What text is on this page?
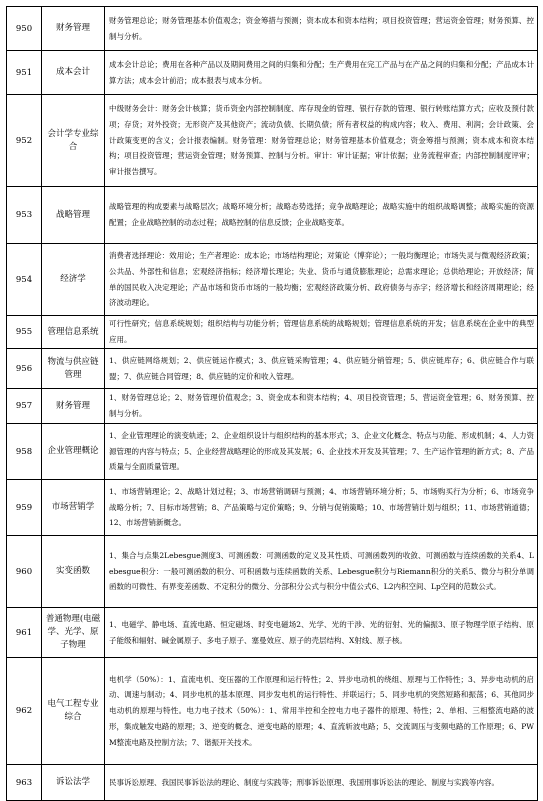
950	财务管理	财务管理总论；财务管理基本价值观念；资金筹措与预测；资本成本和资本结构；项目投资管理；营运资金管理；财务预算、控制与分析。
951	成本会计	成本会计总论；费用在各种产品以及期间费用之间的归集和分配；生产费用在完工产品与在产品之间的归集和分配；产品成本计算方法；成本会计前沿；成本报表与成本分析。
952	会计学专业综合	中级财务会计：财务会计核算；货币资金内部控制制度、库存现金的管理、银行存款的管理、银行转账结算方式；应收及预付款项；存货；对外投资；无形资产及其他资产；流动负债、长期负债；所有者权益的构成内容；收入、费用、利润；会计政策、会计政策变更的含义；会计报表编制。财务管理：财务管理总论；财务管理基本价值观念；资金筹措与预测；资本成本和资本结构；项目投资管理；营运资金管理；财务预算、控制与分析。审计：审计证据；审计依据；业务流程审查；内部控制制度评审；审计报告撰写。
953	战略管理	战略管理的构成要素与战略层次；战略环境分析；战略态势选择；竞争战略理论；战略实施中的组织战略调整；战略实施的资源配置；企业战略控制的动态过程；战略控制的信息反馈；企业战略变革。
954	经济学	消费者选择理论：效用论；生产者理论：成本论；市场结构理论；对策论（博弈论）；一般均衡理论；市场失灵与微观经济政策；公共品、外部性和信息；宏观经济指标；经济增长理论；失业、货币与通货膨胀理论；总需求理论；总供给理论；开放经济；简单的国民收入决定理论；产品市场和货币市场的一般均衡；宏观经济政策分析、政府债务与赤字；经济增长和经济周期理论；经济波动理论。
955	管理信息系统	可行性研究；信息系统规划；组织结构与功能分析；管理信息系统的战略规划；管理信息系统的开发；信息系统在企业中的典型应用。
956	物流与供应链管理	1、供应链网络规划；2、供应链运作模式；3、供应链采购管理；4、供应链分销管理；5、供应链库存；6、供应链合作与联盟；7、供应链合同管理；8、供应链的定价和收入管理。
957	财务管理	1、财务管理总论；2、财务管理价值观念；3、资金成本和资本结构；4、项目投资管理；5、营运资金管理；6、财务预算、控制与分析。
958	企业管理概论	1、企业管理理论的演变轨迹；2、企业组织设计与组织结构的基本形式；3、企业文化概念、特点与功能、形成机制；4、人力资源管理的内容与特点；5、企业经营战略理论的形成及其发展；6、企业技术开发及其管理；7、生产运作管理的新方式；8、产品质量与全面质量管理。
959	市场营销学	1、市场营销理论；2、战略计划过程；3、市场营销调研与预测；4、市场营销环境分析；5、市场购买行为分析；6、市场竞争战略分析；7、目标市场营销；8、产品策略与定价策略；9、分销与促销策略；10、市场营销计划与组织；11、市场营销道德；12、市场营销新概念。
960	实变函数	1、集合与点集2Lebesgue测度3、可测函数：可测函数的定义及其性质、可测函数列的收敛、可测函数与连续函数的关系4、Lebesgue积分：一般可测函数的积分、可积函数与连续函数的关系、Lebesgue积分与Riemann积分的关系5、微分与积分单调函数的可微性、有界变差函数、不定积分的微分、分部积分公式与积分中值公式6、L2内积空间、Lp空间的范数公式。
961	普通物理(电磁学、光学、原子物理	1、电磁学、静电场、直流电路、恒定磁场、时变电磁场2、光学、光的干涉、光的衍射、光的偏振3、原子物理学原子结构、原子能级和辐射、碱金属原子、多电子原子、塞曼效应、原子的壳层结构、X射线、原子核。
962	电气工程专业综合	电机学（50%）：1、直流电机、变压器的工作原理和运行特性；2、异步电动机的绕组、原理与工作特性；3、异步电动机的启动、调速与制动；4、同步电机的基本原理、同步发电机的运行特性、并联运行；5、同步电机的突然短路和振荡；6、其他同步电动机的原理与特性。电力电子技术（50%）：1、常用半控和全控电力电子器件的原理、特性；2、单相、三相整流电路的波形，集成触发电路的原理；3、逆变的概念、逆变电路的原理；4、直流斩波电路；5、交流调压与变频电路的工作原理；6、PWM整流电路及控制方法；7、谐振开关技术。
963	诉讼法学	民事诉讼原理、我国民事诉讼法的理论、制度与实践等；刑事诉讼原理、我国刑事诉讼法的理论、制度与实践等内容。
